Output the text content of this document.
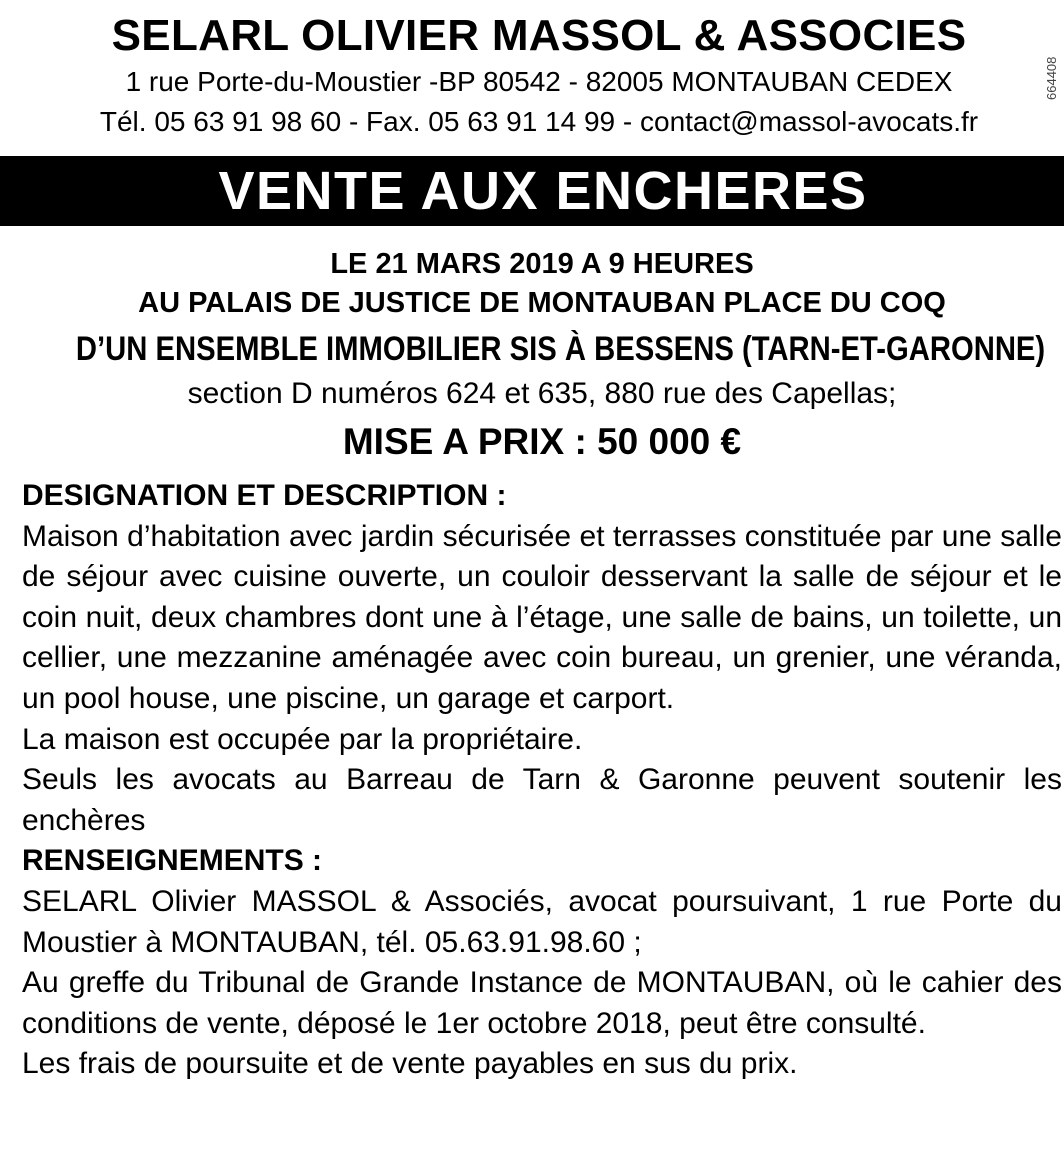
SELARL OLIVIER MASSOL & ASSOCIES
1 rue Porte-du-Moustier -BP 80542 - 82005 MONTAUBAN CEDEX
Tél. 05 63 91 98 60 - Fax. 05 63 91 14 99 - contact@massol-avocats.fr
664408
VENTE AUX ENCHERES
LE 21 MARS 2019 A 9 HEURES
AU PALAIS DE JUSTICE DE MONTAUBAN PLACE DU COQ
D’UN ENSEMBLE IMMOBILIER SIS À BESSENS (TARN-ET-GARONNE)
section D numéros 624 et 635, 880 rue des Capellas;
MISE A PRIX : 50 000 €

DESIGNATION ET DESCRIPTION :

Maison d’habitation avec jardin sécurisée et terrasses constituée par une salle de séjour avec cuisine ouverte, un couloir desservant la salle de séjour et le coin nuit, deux chambres dont une à l’étage, une salle de bains, un toilette, un cellier, une mezzanine aménagée avec coin bureau, un grenier, une véranda, un pool house, une piscine, un garage et carport.

La maison est occupée par la propriétaire.

Seuls les avocats au Barreau de Tarn & Garonne peuvent soutenir les enchères

RENSEIGNEMENTS :

SELARL Olivier MASSOL & Associés, avocat poursuivant, 1 rue Porte du Moustier à MONTAUBAN, tél. 05.63.91.98.60 ;

Au greffe du Tribunal de Grande Instance de MONTAUBAN, où le cahier des conditions de vente, déposé le 1er octobre 2018, peut être consulté.

Les frais de poursuite et de vente payables en sus du prix.
